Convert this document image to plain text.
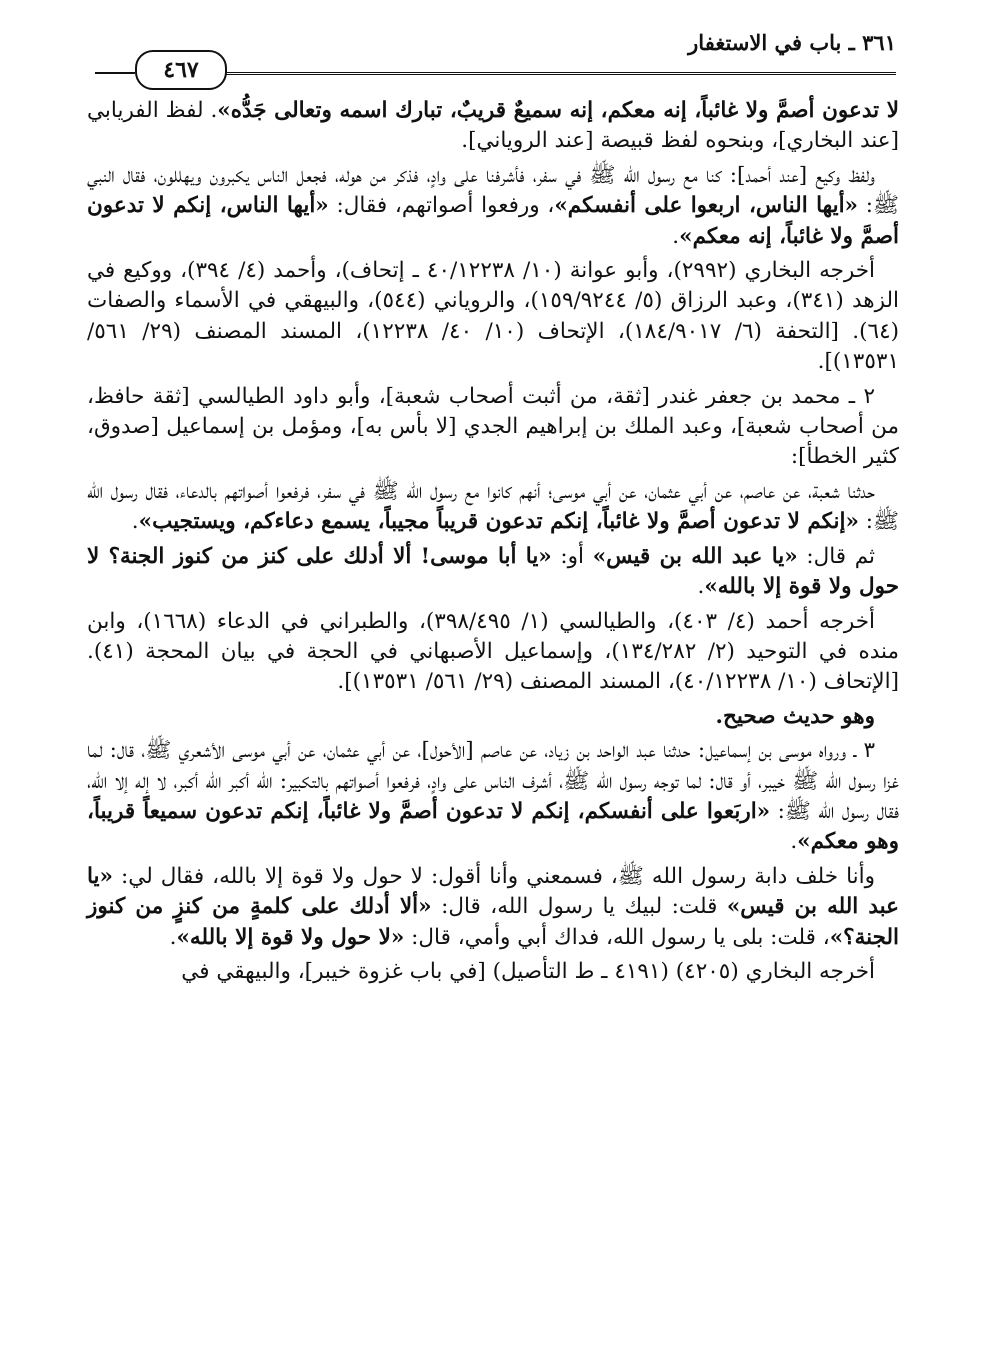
٣٦١ ـ باب في الاستغفار
٤٦٧

لا تدعون أصمَّ ولا غائباً، إنه معكم، إنه سميعٌ قريبٌ، تبارك اسمه وتعالى جَدُّه». لفظ الفريابي [عند البخاري]، وبنحوه لفظ قبيصة [عند الروياني].

ولفظ وكيع [عند أحمد]: كنا مع رسول الله ﷺ في سفر، فأشرفنا على وادٍ، فذكر من هوله، فجعل الناس يكبرون ويهللون، فقال النبي ﷺ: «أيها الناس، اربعوا على أنفسكم»، ورفعوا أصواتهم، فقال: «أيها الناس، إنكم لا تدعون أصمَّ ولا غائباً، إنه معكم».

أخرجه البخاري (٢٩٩٢)، وأبو عوانة (١٠/ ٤٠/١٢٢٣٨ ـ إتحاف)، وأحمد (٤/ ٣٩٤)، ووكيع في الزهد (٣٤١)، وعبد الرزاق (٥/ ١٥٩/٩٢٤٤)، والروياني (٥٤٤)، والبيهقي في الأسماء والصفات (٦٤). [التحفة (٦/ ١٨٤/٩٠١٧)، الإتحاف (١٠/ ٤٠/ ١٢٢٣٨)، المسند المصنف (٢٩/ ٥٦١/ ١٣٥٣١)].

٢ ـ محمد بن جعفر غندر [ثقة، من أثبت أصحاب شعبة]، وأبو داود الطيالسي [ثقة حافظ، من أصحاب شعبة]، وعبد الملك بن إبراهيم الجدي [لا بأس به]، ومؤمل بن إسماعيل [صدوق، كثير الخطأ]:

حدثنا شعبة، عن عاصم، عن أبي عثمان، عن أبي موسى؛ أنهم كانوا مع رسول الله ﷺ في سفر، فرفعوا أصواتهم بالدعاء، فقال رسول الله ﷺ: «إنكم لا تدعون أصمَّ ولا غائباً، إنكم تدعون قريباً مجيباً، يسمع دعاءكم، ويستجيب».

ثم قال: «يا عبد الله بن قيس» أو: «يا أبا موسى! ألا أدلك على كنز من كنوز الجنة؟ لا حول ولا قوة إلا بالله».

أخرجه أحمد (٤/ ٤٠٣)، والطيالسي (١/ ٣٩٨/٤٩٥)، والطبراني في الدعاء (١٦٦٨)، وابن منده في التوحيد (٢/ ١٣٤/٢٨٢)، وإسماعيل الأصبهاني في الحجة في بيان المحجة (٤١). [الإتحاف (١٠/ ٤٠/١٢٢٣٨)، المسند المصنف (٢٩/ ٥٦١/ ١٣٥٣١)].

وهو حديث صحيح.

٣ ـ ورواه موسى بن إسماعيل: حدثنا عبد الواحد بن زياد، عن عاصم [الأحول]، عن أبي عثمان، عن أبي موسى الأشعري ﷺ، قال: لما غزا رسول الله ﷺ خيبر، أو قال: لما توجه رسول الله ﷺ، أشرف الناس على وادٍ، فرفعوا أصواتهم بالتكبير: الله أكبر الله أكبر، لا إله إلا الله، فقال رسول الله ﷺ: «اربَعوا على أنفسكم، إنكم لا تدعون أصمَّ ولا غائباً، إنكم تدعون سميعاً قريباً، وهو معكم».

وأنا خلف دابة رسول الله ﷺ، فسمعني وأنا أقول: لا حول ولا قوة إلا بالله، فقال لي: «يا عبد الله بن قيس» قلت: لبيك يا رسول الله، قال: «ألا أدلك على كلمةٍ من كنزٍ من كنوز الجنة؟»، قلت: بلى يا رسول الله، فداك أبي وأمي، قال: «لا حول ولا قوة إلا بالله».

أخرجه البخاري (٤٢٠٥) (٤١٩١ ـ ط التأصيل) [في باب غزوة خيبر]، والبيهقي في
